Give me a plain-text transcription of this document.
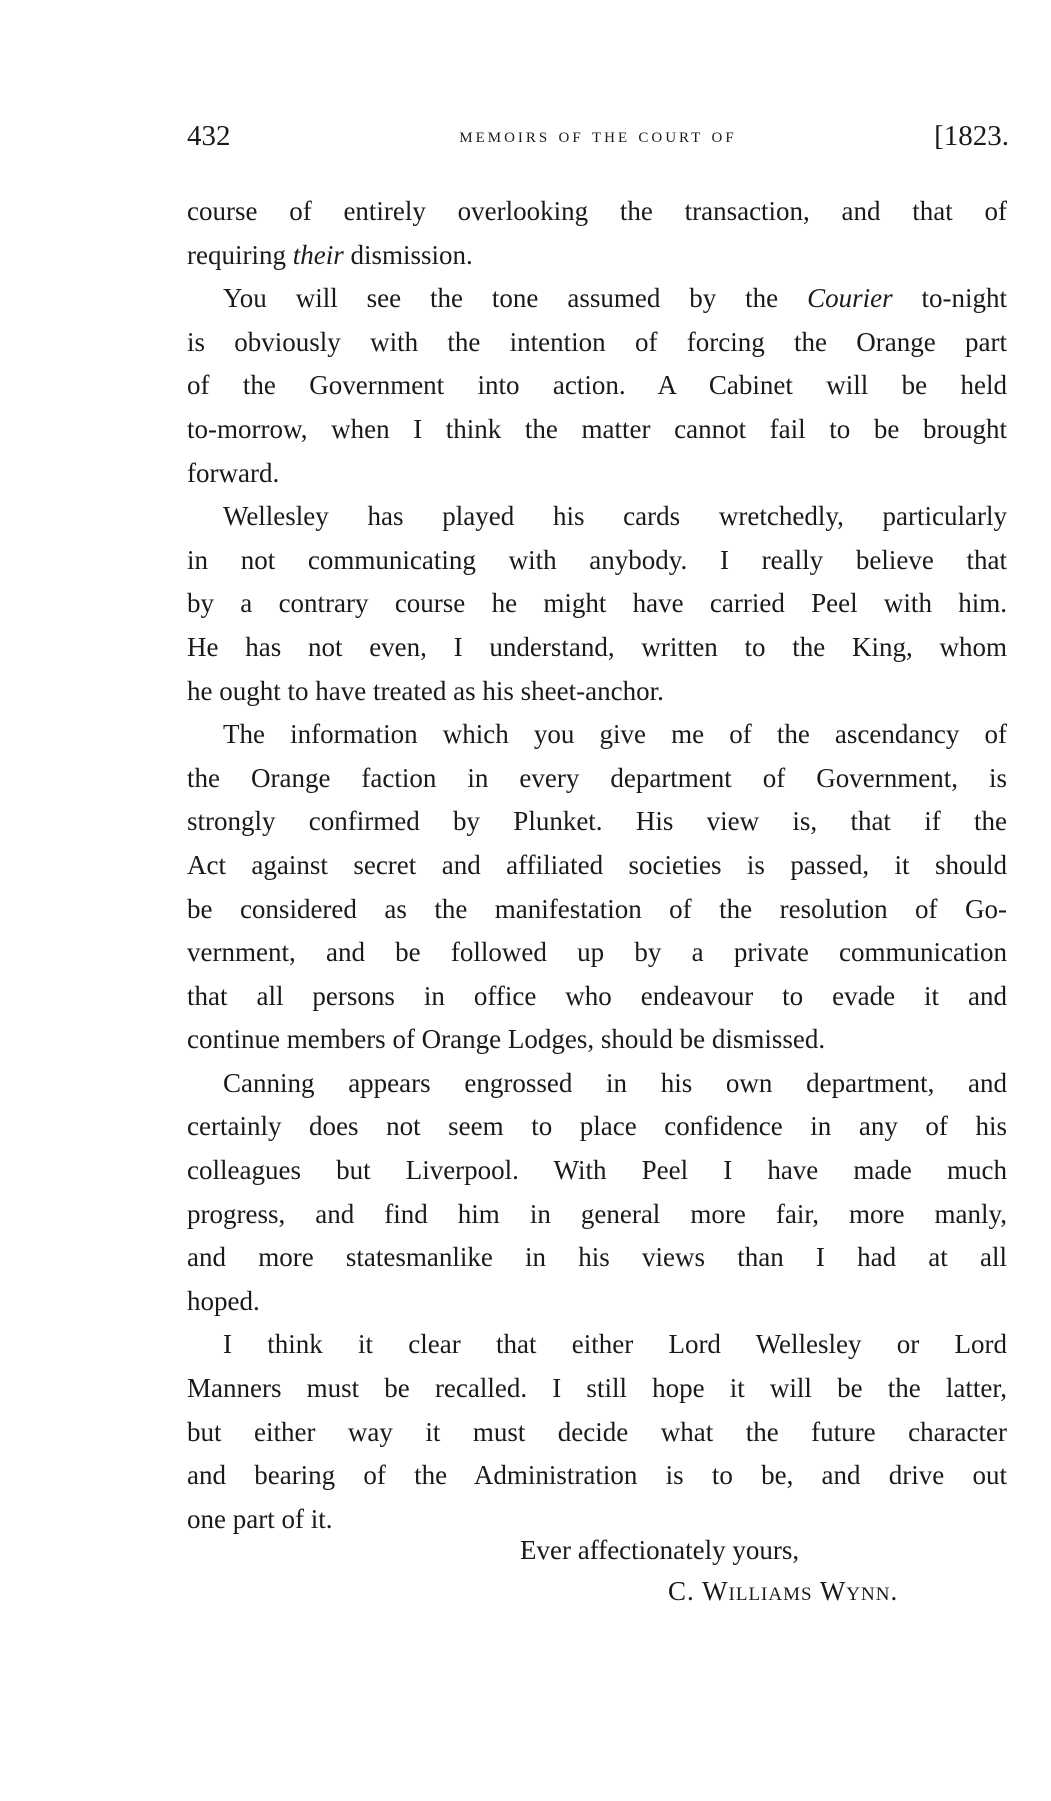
432	memoirs of the court of	[1823.
course of entirely overlooking the transaction, and that of
requiring their dismission.
You will see the tone assumed by the Courier to-night
is obviously with the intention of forcing the Orange part
of the Government into action. A Cabinet will be held
to-morrow, when I think the matter cannot fail to be brought
forward.
Wellesley has played his cards wretchedly, particularly
in not communicating with anybody. I really believe that
by a contrary course he might have carried Peel with him.
He has not even, I understand, written to the King, whom
he ought to have treated as his sheet-anchor.
The information which you give me of the ascendancy of
the Orange faction in every department of Government, is
strongly confirmed by Plunket. His view is, that if the
Act against secret and affiliated societies is passed, it should
be considered as the manifestation of the resolution of Go-
vernment, and be followed up by a private communication
that all persons in office who endeavour to evade it and
continue members of Orange Lodges, should be dismissed.
Canning appears engrossed in his own department, and
certainly does not seem to place confidence in any of his
colleagues but Liverpool. With Peel I have made much
progress, and find him in general more fair, more manly,
and more statesmanlike in his views than I had at all
hoped.
I think it clear that either Lord Wellesley or Lord
Manners must be recalled. I still hope it will be the latter,
but either way it must decide what the future character
and bearing of the Administration is to be, and drive out
one part of it.
Ever affectionately yours,
C. Williams Wynn.
